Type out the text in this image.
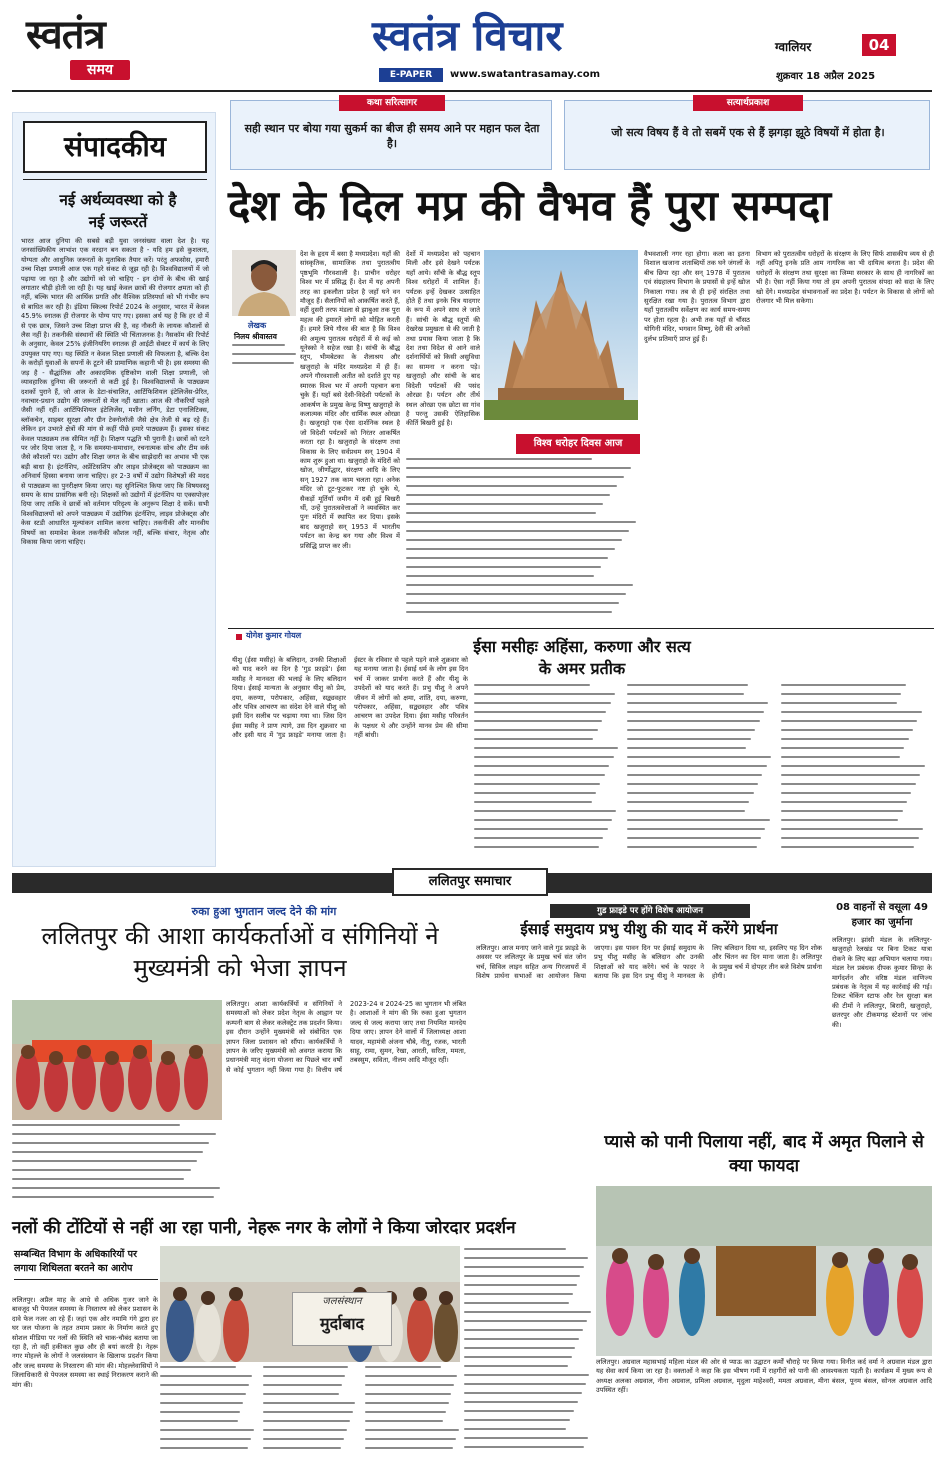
स्वतंत्र
समय
स्वतंत्र विचार
E-PAPER	www.swatantrasamay.com
ग्वालियर	04
शुक्रवार 18 अप्रैल 2025
कथा सरित्सागर
सही स्थान पर बोया गया सुकर्म का बीज ही समय आने पर महान फल देता है।
सत्यार्थप्रकाश
जो सत्य विषय हैं वे तो सबमें एक से हैं झगड़ा झूठे विषयों में होता है।
संपादकीय
नई अर्थव्यवस्था को है नई जरूरतें
भारत आज दुनिया की सबसे बड़ी युवा जनसंख्या वाला देश है। यह जनसांख्यिकीय लाभांश एक वरदान बन सकता है - यदि हम इसे कुशलता, योग्यता और आधुनिक जरूरतों के मुताबिक तैयार करें। परंतु अफसोस, हमारी उच्च शिक्षा प्रणाली आज एक गहरे संकट से जूझ रही है। विश्वविद्यालयों में जो पढ़ाया जा रहा है और उद्योगों को जो चाहिए - इन दोनों के बीच की खाई लगातार चौड़ी होती जा रही है। यह खाई केवल छात्रों की रोजगार क्षमता को ही नहीं, बल्कि भारत की आर्थिक प्रगति और वैश्विक प्रतिस्पर्धा को भी गंभीर रूप से बाधित कर रही है। इंडिया स्किल्स रिपोर्ट 2024 के अनुसार, भारत में केवल 45.9% स्नातक ही रोजगार के योग्य पाए गए। इसका अर्थ यह है कि हर दो में से एक छात्र, जिसने उच्च शिक्षा प्राप्त की है, वह नौकरी के लायक कौशलों से लैस नहीं है। तकनीकी संस्थानों की स्थिति भी चिंताजनक है। नैसकॉम की रिपोर्ट के अनुसार, केवल 25% इंजीनियरिंग स्नातक ही आईटी सेक्टर में कार्य के लिए उपयुक्त पाए गए। यह स्थिति न केवल शिक्षा प्रणाली की विफलता है, बल्कि देश के करोड़ों युवाओं के सपनों के टूटने की प्रामाणिक कहानी भी है। इस समस्या की जड़ है - सैद्धांतिक और अकादमिक दृष्टिकोण वाली शिक्षा प्रणाली, जो व्यावहारिक दुनिया की जरूरतों से कटी हुई है। विश्वविद्यालयों के पाठ्यक्रम दशकों पुराने हैं, जो आज के डेटा-संचालित, आर्टिफिशियल इंटेलिजेंस-प्रेरित, नवाचार-प्रधान उद्योग की जरूरतों से मेल नहीं खाता। आज की नौकरियाँ पहले जैसी नहीं रहीं। आर्टिफिशियल इंटेलिजेंस, मशीन लर्निंग, डेटा एनालिटिक्स, ब्लॉकचेन, साइबर सुरक्षा और ग्रीन टेक्नोलॉजी जैसे क्षेत्र तेजी से बढ़ रहे हैं। लेकिन इन उभरते क्षेत्रों की मांग से कहीं पीछे हमारे पाठ्यक्रम हैं। इसका संकट केवल पाठ्यक्रम तक सीमित नहीं है। शिक्षण पद्धति भी पुरानी है। छात्रों को रटने पर जोर दिया जाता है, न कि समस्या-समाधान, रचनात्मक सोच और टीम वर्क जैसे कौशलों पर। उद्योग और शिक्षा जगत के बीच साझेदारी का अभाव भी एक बड़ी बाधा है। इंटर्नशिप, अप्रेंटिसशिप और लाइव प्रोजेक्ट्स को पाठ्यक्रम का अनिवार्य हिस्सा बनाया जाना चाहिए। हर 2-3 वर्षों में उद्योग विशेषज्ञों की मदद से पाठ्यक्रम का पुनरीक्षण किया जाए। यह सुनिश्चित किया जाए कि विषयवस्तु समय के साथ प्रासंगिक बनी रहे। शिक्षकों को उद्योगों में इंटर्नशिप या एक्सपोज़र दिया जाए ताकि वे छात्रों को वर्तमान परिदृश्य के अनुरूप शिक्षा दे सकें। सभी विश्वविद्यालयों को अपने पाठ्यक्रम में उद्योगिक इंटर्नशिप, लाइव प्रोजेक्ट्स और केस स्टडी आधारित मूल्यांकन शामिल करना चाहिए। तकनीकी और मानवीय विषयों का समावेश केवल तकनीकी कौशल नहीं, बल्कि संचार, नेतृत्व और विकास किया जाना चाहिए।
देश के दिल मप्र की वैभव हैं पुरा सम्पदा
लेखक
निलय श्रीवास्तव
देश के हृदय में बसा है मध्यप्रदेश। यहाँ की सांस्कृतिक, सामाजिक तथा पुरातत्वीय पृष्ठभूमि गौरवशाली है। प्राचीन धरोहर विश्व भर में प्रसिद्ध हैं। देश में यह अपनी तरह का इकलौता प्रदेश है जहाँ घने वन मौजूद हैं। सैलानियों को आकर्षित करते हैं, वहीं दुसरी तरफ मंडला से झाबुआ तक पुरा महत्व की इमारतें लोगों को मोहित करती हैं। हमारे लिये गौरव की बात है कि विश्व की अमूल्य पुरातत्व धरोहरों में से कई को यूनेस्को ने सहेज रखा है। सांची के बौद्ध स्तूप, भीमबेटका के शैलाश्रय और खजुराहो के मंदिर मध्यप्रदेश में ही हैं। अपने गौरवशाली अतीत को दर्शाते हुए यह स्मारक विश्व भर में अपनी पहचान बना चुके हैं। यहाँ बसे देसी-विदेशी पर्यटकों के आकर्षण के प्रमुख केन्द्र विष्णु खजुराहो के कलात्मक मंदिर और धार्मिक स्थल ओरछा है। खजुराहो एक ऐसा दार्शनिक स्थल है जो विदेशी पर्यटकों को निरंतर आकर्षित करता रहा है। खजुराहो के संरक्षण तथा विकास के लिए सर्वप्रथम सन् 1904 में काम शुरू हुआ था। खजुराहो के मंदिरों को खोज, जीर्णोद्धार, संरक्षण आदि के लिए सन् 1927 तक काम चलता रहा। अनेक मंदिर जो टूट-फूटकर नष्ट हो चुके थे, सैकड़ों मूर्तियाँ जमीन में दबी हुई बिखरी थीं, उन्हें पुरातत्ववेत्ताओं ने व्यवस्थित कर पुनः मंदिरों में स्थापित कर दिया। इसके बाद खजुराहो सन् 1953 में भारतीय पर्यटन का केन्द्र बन गया और विश्व में प्रसिद्धि प्राप्त कर ली।
देशों में मध्यप्रदेश को पहचान मिली और इसे देखने पर्यटक यहाँ आये। साँची के बौद्ध स्तूप विश्व धरोहरों में शामिल हैं। पर्यटक इन्हें देखकर उत्साहित होते हैं तथा इनके चित्र यादगार के रूप में अपने साथ ले जाते हैं। सांची के बौद्ध स्तूपों की देखरेख प्रमुखता से की जाती है तथा प्रयास किया जाता है कि देश तथा विदेश से आने वाले दर्शनार्थियों को किसी असुविधा का सामना न करना पड़े। खजुराहो और सांची के बाद विदेशी पर्यटकों की पसंद ओरछा है। पर्यटन और तीर्थ स्थल ओरछा एक छोटा सा गांव है परन्तु उसकी ऐतिहासिक कीर्ति बिखरी हुई है।
विश्व धरोहर दिवस आज
वैभवशाली नगर रहा होगा। कला का इतना विशाल खजाना शताब्दियों तक घने जंगलों के बीच छिपा रहा और सन् 1978 में पुरातत्व एवं संग्रहालय विभाग के प्रयासों से इन्हें खोज निकाला गया। तब से ही इन्हें संरक्षित तथा सुरक्षित रखा गया है। पुरातत्व विभाग द्वारा यहाँ पुरातत्वीय सर्वेक्षण का कार्य समय-समय पर होता रहता है। अभी तक यहाँ से चौंसठ योगिनी मंदिर, भगवान विष्णु, देवी की अनेकों दुर्लभ प्रतिमाएँ प्राप्त हुई हैं।
विभाग को पुरातत्वीय धरोहरों के संरक्षण के लिए सिर्फ शासकीय व्यय से ही नहीं अपितु इनके प्रति आम नागरिक का भी दायित्व बनता है। प्रदेश की धरोहरों के संरक्षण तथा सुरक्षा का जिम्मा सरकार के साथ ही नागरिकों का भी है। ऐसा नहीं किया गया तो हम अपनी पुरातत्व संपदा को सदा के लिए खो देंगे। मध्यप्रदेश संभावनाओं का प्रदेश है। पर्यटन के विकास से लोगों को रोजगार भी मिल सकेगा।
योगेश कुमार गोयल
ईसा मसीहः अहिंसा, करुणा और सत्य के अमर प्रतीक
यीशु (ईसा मसीह) के बलिदान, उनकी शिक्षाओं को याद करने का दिन है 'गुड फ्राइडे'। ईसा मसीह ने मानवता की भलाई के लिए बलिदान दिया। ईसाई मान्यता के अनुसार यीशु को प्रेम, दया, करुणा, परोपकार, अहिंसा, सद्व्यवहार और पवित्र आचरण का संदेश देने वाले यीशु को इसी दिन सलीब पर चढ़ाया गया था। जिस दिन ईसा मसीह ने प्राण त्यागे, उस दिन शुक्रवार था और इसी याद में 'गुड फ्राइडे' मनाया जाता है। ईस्टर के रविवार से पहले पड़ने वाले शुक्रवार को यह मनाया जाता है। ईसाई धर्म के लोग इस दिन चर्च में जाकर प्रार्थना करते हैं और यीशु के उपदेशों को याद करते हैं। प्रभु यीशु ने अपने जीवन में लोगों को क्षमा, शांति, दया, करुणा, परोपकार, अहिंसा, सद्व्यवहार और पवित्र आचरण का उपदेश दिया। ईसा मसीह परिवर्तन के पक्षधर थे और उन्होंने मानव प्रेम की सीमा नहीं बांधी।
ललितपुर समाचार
रुका हुआ भुगतान जल्द देने की मांग
ललितपुर की आशा कार्यकर्ताओं व संगिनियों ने मुख्यमंत्री को भेजा ज्ञापन
ललितपुर। आशा कार्यकर्त्रियों व संगिनियों ने समस्याओं को लेकर प्रदेश नेतृत्व के आह्वान पर कम्पनी बाग से लेकर कलेक्ट्रेट तक प्रदर्शन किया। इस दौरान उन्होंने मुख्यमंत्री को संबोधित एक ज्ञापन जिला प्रशासन को सौंपा। कार्यकर्त्रियों ने ज्ञापन के जरिए मुख्यमंत्री को अवगत कराया कि प्रधानमंत्री मातृ वंदना योजना का पिछले चार वर्षों से कोई भुगतान नहीं किया गया है। वित्तीय वर्ष 2023-24 व 2024-25 का भुगतान भी लंबित है। आशाओं ने मांग की कि रुका हुआ भुगतान जल्द से जल्द कराया जाए तथा नियमित मानदेय दिया जाए। ज्ञापन देने वालों में जिलाध्यक्ष आशा यादव, महामंत्री अंजना चौबे, नीतू, रजक, भारती साहू, रामा, सुमन, रेखा, आरती, सरिता, ममता, तबस्सुम, सविता, नीलम आदि मौजूद रहीं।
गुड फ्राइडे पर होंगे विशेष आयोजन
ईसाई समुदाय प्रभु यीशु की याद में करेंगे प्रार्थना
ललितपुर। आज मनाए जाने वाले गुड फ्राइडे के अवसर पर ललितपुर के प्रमुख चर्च संत जोन चर्च, सिविल लाइन सहित अन्य गिरजाघरों में विशेष प्रार्थना सभाओं का आयोजन किया जाएगा। इस पावन दिन पर ईसाई समुदाय के प्रभु यीशु मसीह के बलिदान और उनकी शिक्षाओं को याद करेंगे। चर्च के फादर ने बताया कि इस दिन प्रभु यीशु ने मानवता के लिए बलिदान दिया था, इसलिए यह दिन शोक और चिंतन का दिन माना जाता है। ललितपुर के प्रमुख चर्च में दोपहर तीन बजे विशेष प्रार्थना होगी।
08 वाहनों से वसूला 49 हजार का जुर्माना
ललितपुर। झांसी मंडल के ललितपुर-खजुराहो रेलखंड पर बिना टिकट यात्रा रोकने के लिए बड़ा अभियान चलाया गया। मंडल रेल प्रबंधक दीपक कुमार सिन्हा के मार्गदर्शन और वरिष्ठ मंडल वाणिज्य प्रबंधक के नेतृत्व में यह कार्रवाई की गई। टिकट चेकिंग स्टाफ और रेल सुरक्षा बल की टीमों ने ललितपुर, बिरारी, खजुराहो, छतरपुर और टीकमगढ़ स्टेशनों पर जांच की।
प्यासे को पानी पिलाया नहीं, बाद में अमृत पिलाने से क्या फायदा
ललितपुर। अग्रवाल महासभाई महिला मंडल की ओर से प्याऊ का उद्घाटन कर्मों चौराहे पर किया गया। विनीत कर्द वर्मा ने अग्रवाल मंडल द्वारा यह सेवा कार्य किया जा रहा है। वक्ताओं ने कहा कि इस भीषण गर्मी में राहगीरों को पानी की आवश्यकता पड़ती है। कार्यक्रम में मुख्य रूप से अध्यक्ष अलका अग्रवाल, नीना अग्रवाल, प्रमिला अग्रवाल, मृदुला माहेश्वरी, ममता अग्रवाल, मीना बंसल, पूनम बंसल, सोनल अग्रवाल आदि उपस्थित रहीं।
नलों की टोंटियों से नहीं आ रहा पानी, नेहरू नगर के लोगों ने किया जोरदार प्रदर्शन
सम्बन्धित विभाग के अधिकारियों पर लगाया शिथिलता बरतने का आरोप
जलसंस्थान
मुर्दाबाद
ललितपुर। अप्रैल माह के आधे से अधिक गुजर जाने के बावजूद भी पेयजल समस्या के निस्तारण को लेकर प्रशासन के दावे फेल नजर आ रहे हैं। जहां एक ओर नमामि गंगे द्वारा हर घर जल योजना के तहत तमाम प्रकार के निर्माण करते हुए सोशल मीडिया पर नलों की स्थिति को चाक-चौबंद बताया जा रहा है, तो वहीं हकीकत कुछ और ही बयां करती है। नेहरू नगर मोहल्ले के लोगों ने जलसंस्थान के खिलाफ प्रदर्शन किया और जल्द समस्या के निस्तारण की मांग की। मोहल्लेवासियों ने जिलाधिकारी से पेयजल समस्या का स्थाई निराकरण कराने की मांग की।
